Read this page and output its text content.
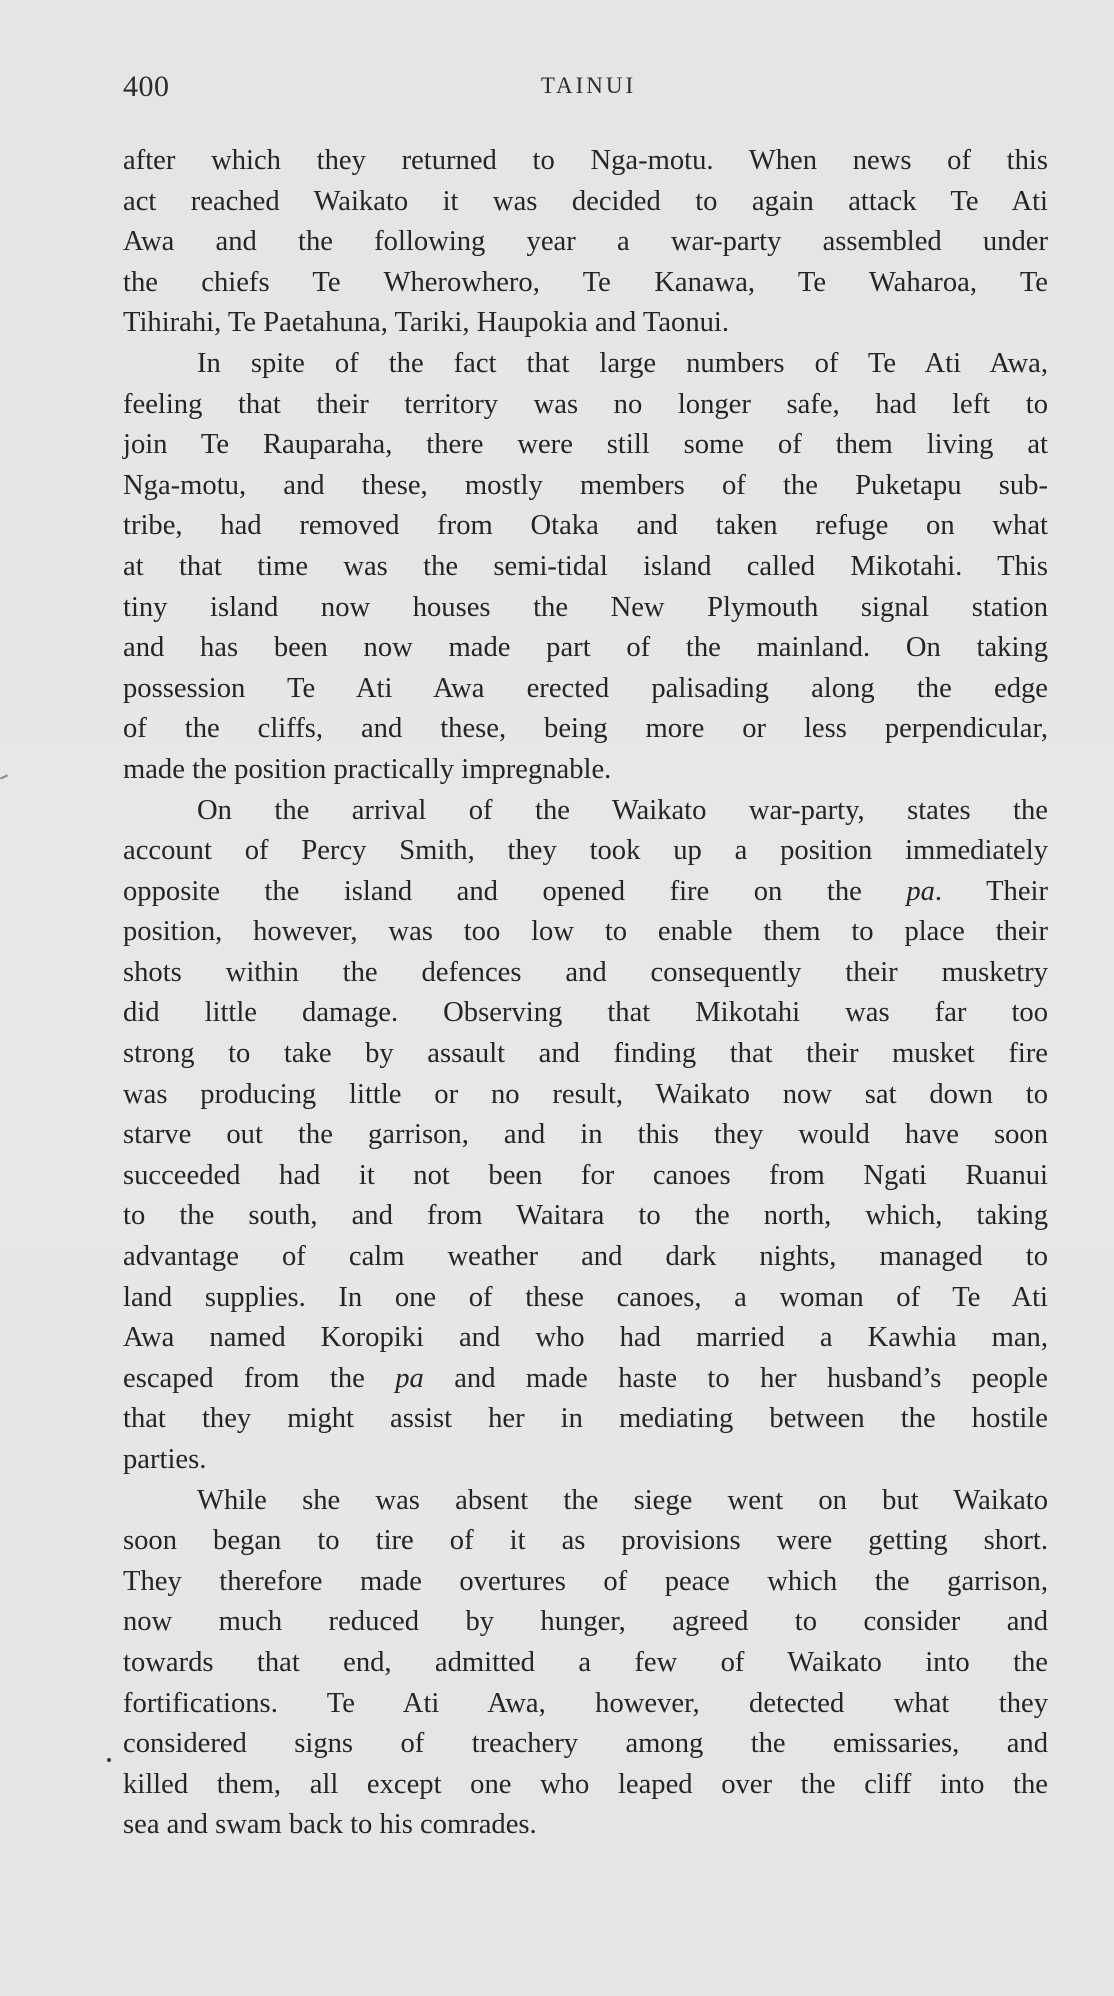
400	TAINUI

after which they returned to Nga-motu. When news of this
act reached Waikato it was decided to again attack Te Ati
Awa and the following year a war-party assembled under
the chiefs Te Wherowhero, Te Kanawa, Te Waharoa, Te
Tihirahi, Te Paetahuna, Tariki, Haupokia and Taonui.

In spite of the fact that large numbers of Te Ati Awa,
feeling that their territory was no longer safe, had left to
join Te Rauparaha, there were still some of them living at
Nga-motu, and these, mostly members of the Puketapu sub-
tribe, had removed from Otaka and taken refuge on what
at that time was the semi-tidal island called Mikotahi. This
tiny island now houses the New Plymouth signal station
and has been now made part of the mainland. On taking
possession Te Ati Awa erected palisading along the edge
of the cliffs, and these, being more or less perpendicular,
made the position practically impregnable.

On the arrival of the Waikato war-party, states the
account of Percy Smith, they took up a position immediately
opposite the island and opened fire on the pa. Their
position, however, was too low to enable them to place their
shots within the defences and consequently their musketry
did little damage. Observing that Mikotahi was far too
strong to take by assault and finding that their musket fire
was producing little or no result, Waikato now sat down to
starve out the garrison, and in this they would have soon
succeeded had it not been for canoes from Ngati Ruanui
to the south, and from Waitara to the north, which, taking
advantage of calm weather and dark nights, managed to
land supplies. In one of these canoes, a woman of Te Ati
Awa named Koropiki and who had married a Kawhia man,
escaped from the pa and made haste to her husband’s people
that they might assist her in mediating between the hostile
parties.

While she was absent the siege went on but Waikato
soon began to tire of it as provisions were getting short.
They therefore made overtures of peace which the garrison,
now much reduced by hunger, agreed to consider and
towards that end, admitted a few of Waikato into the
fortifications. Te Ati Awa, however, detected what they
considered signs of treachery among the emissaries, and
killed them, all except one who leaped over the cliff into the
sea and swam back to his comrades.
